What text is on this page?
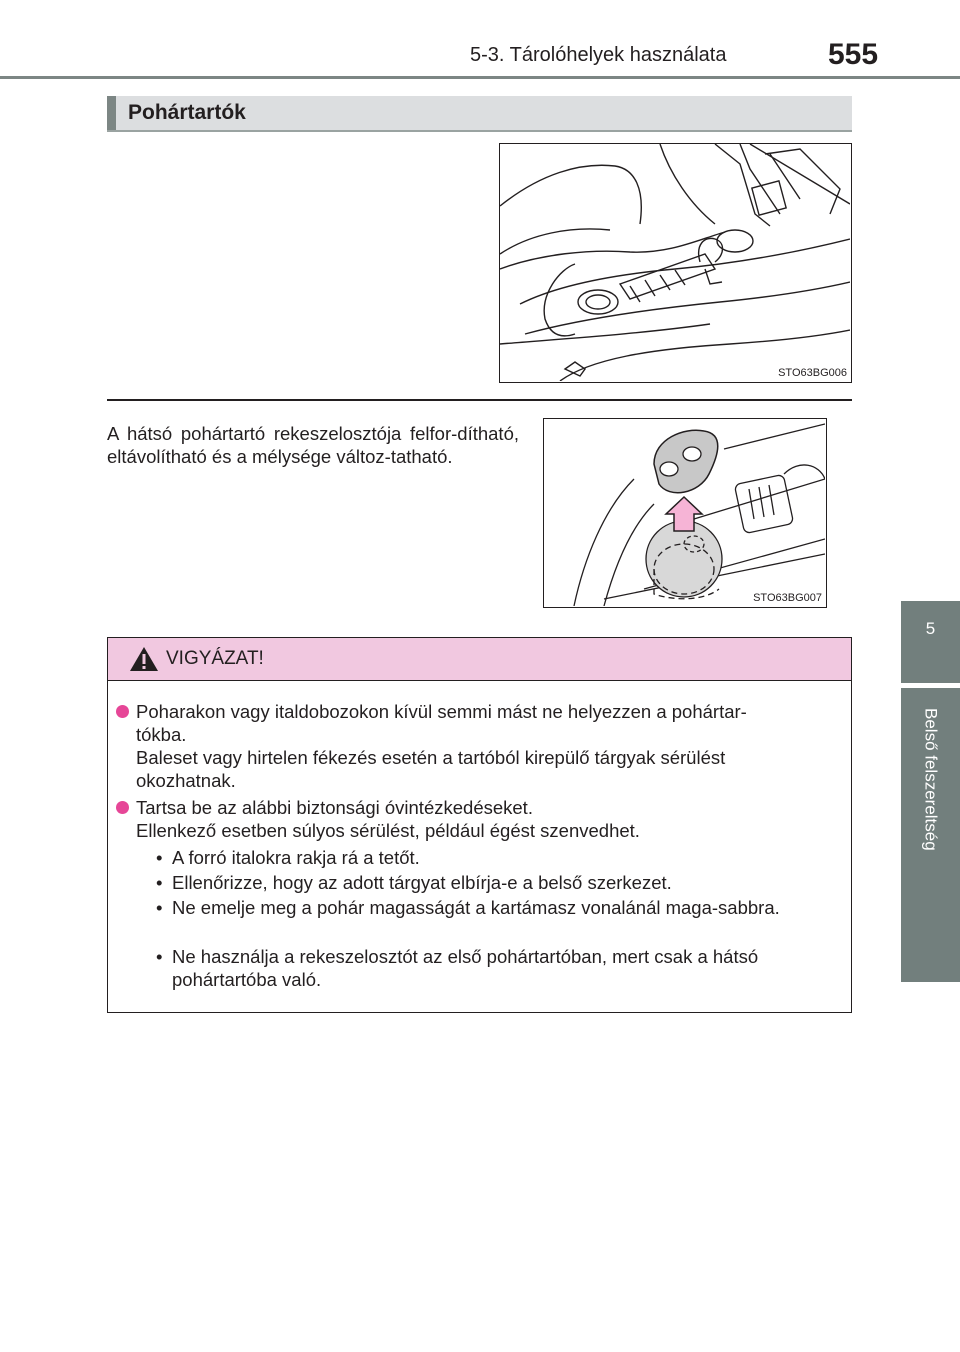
5-3. Tárolóhelyek használata	555
5
Belső felszereltség
Pohártartók
STO63BG006
A hátsó pohártartó rekeszelosztója felfor-dítható, eltávolítható és a mélysége változ-tatható.
STO63BG007
VIGYÁZAT!
Poharakon vagy italdobozokon kívül semmi mást ne helyezzen a pohártar-
tókba.
Baleset vagy hirtelen fékezés esetén a tartóból kirepülő tárgyak sérülést
okozhatnak.
Tartsa be az alábbi biztonsági óvintézkedéseket.
Ellenkező esetben súlyos sérülést, például égést szenvedhet.
• A forró italokra rakja rá a tetőt.
• Ellenőrizze, hogy az adott tárgyat elbírja-e a belső szerkezet.
• Ne emelje meg a pohár magasságát a kartámasz vonalánál maga-sabbra.
• Ne használja a rekeszelosztót az első pohártartóban, mert csak a hátsó pohártartóba való.
